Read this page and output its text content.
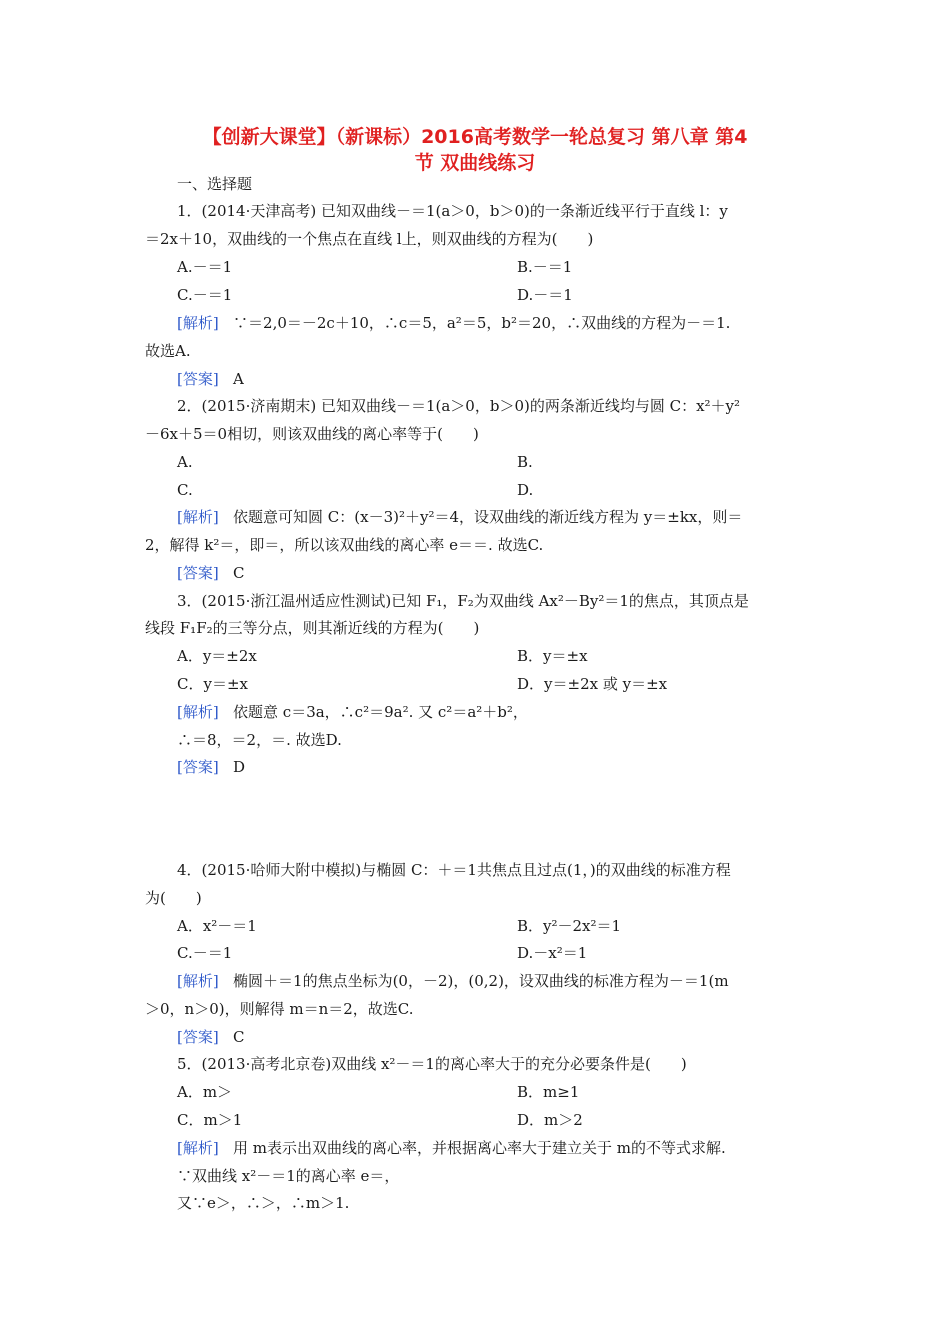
【创新大课堂】（新课标）2016高考数学一轮总复习 第八章 第4
节 双曲线练习
一、选择题
1．(2014·天津高考) 已知双曲线－＝1(a＞0，b＞0)的一条渐近线平行于直线 l：y
＝2x＋10，双曲线的一个焦点在直线 l上，则双曲线的方程为(　　)
A.－＝1	B.－＝1
C.－＝1	D.－＝1
[解析] ∵＝2,0＝－2c＋10，∴c＝5，a²＝5，b²＝20，∴双曲线的方程为－＝1.
故选A.
[答案] A
2．(2015·济南期末) 已知双曲线－＝1(a＞0，b＞0)的两条渐近线均与圆 C：x²＋y²
－6x＋5＝0相切，则该双曲线的离心率等于(　　)
A.	B.
C.	D.
[解析] 依题意可知圆 C：(x－3)²＋y²＝4，设双曲线的渐近线方程为 y＝±kx，则＝
2，解得 k²＝，即＝，所以该双曲线的离心率 e＝＝. 故选C.
[答案] C
3．(2015·浙江温州适应性测试)已知 F₁，F₂为双曲线 Ax²－By²＝1的焦点，其顶点是
线段 F₁F₂的三等分点，则其渐近线的方程为(　　)
A．y＝±2x	B．y＝±x
C．y＝±x	D．y＝±2x 或 y＝±x
[解析] 依题意 c＝3a，∴c²＝9a². 又 c²＝a²＋b²，
∴＝8，＝2，＝. 故选D.
[答案] D
4．(2015·哈师大附中模拟)与椭圆 C：＋＝1共焦点且过点(1，)的双曲线的标准方程
为(　　)
A．x²－＝1	B．y²－2x²＝1
C.－＝1	D.－x²＝1
[解析] 椭圆＋＝1的焦点坐标为(0，－2)，(0,2)，设双曲线的标准方程为－＝1(m
＞0，n＞0)，则解得 m＝n＝2，故选C.
[答案] C
5．(2013·高考北京卷)双曲线 x²－＝1的离心率大于的充分必要条件是(　　)
A．m＞	B．m≥1
C．m＞1	D．m＞2
[解析] 用 m表示出双曲线的离心率，并根据离心率大于建立关于 m的不等式求解.
∵双曲线 x²－＝1的离心率 e＝，
又∵e＞，∴＞，∴m＞1.
